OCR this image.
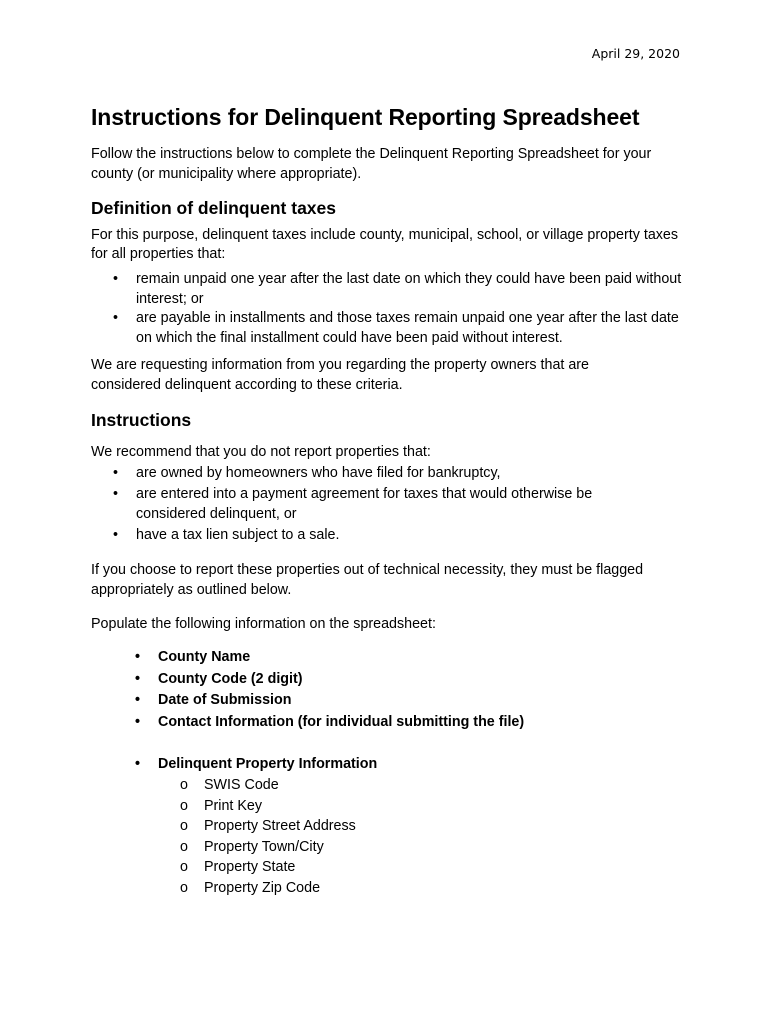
April 29, 2020
Instructions for Delinquent Reporting Spreadsheet

Follow the instructions below to complete the Delinquent Reporting Spreadsheet for your county (or municipality where appropriate).

Definition of delinquent taxes

For this purpose, delinquent taxes include county, municipal, school, or village property taxes for all properties that:

• remain unpaid one year after the last date on which they could have been paid without interest; or
• are payable in installments and those taxes remain unpaid one year after the last date on which the final installment could have been paid without interest.

We are requesting information from you regarding the property owners that are considered delinquent according to these criteria.

Instructions

We recommend that you do not report properties that:

• are owned by homeowners who have filed for bankruptcy,
• are entered into a payment agreement for taxes that would otherwise be considered delinquent, or
• have a tax lien subject to a sale.

If you choose to report these properties out of technical necessity, they must be flagged appropriately as outlined below.

Populate the following information on the spreadsheet:

• County Name
• County Code (2 digit)
• Date of Submission
• Contact Information (for individual submitting the file)
• Delinquent Property Information
o SWIS Code
o Print Key
o Property Street Address
o Property Town/City
o Property State
o Property Zip Code
